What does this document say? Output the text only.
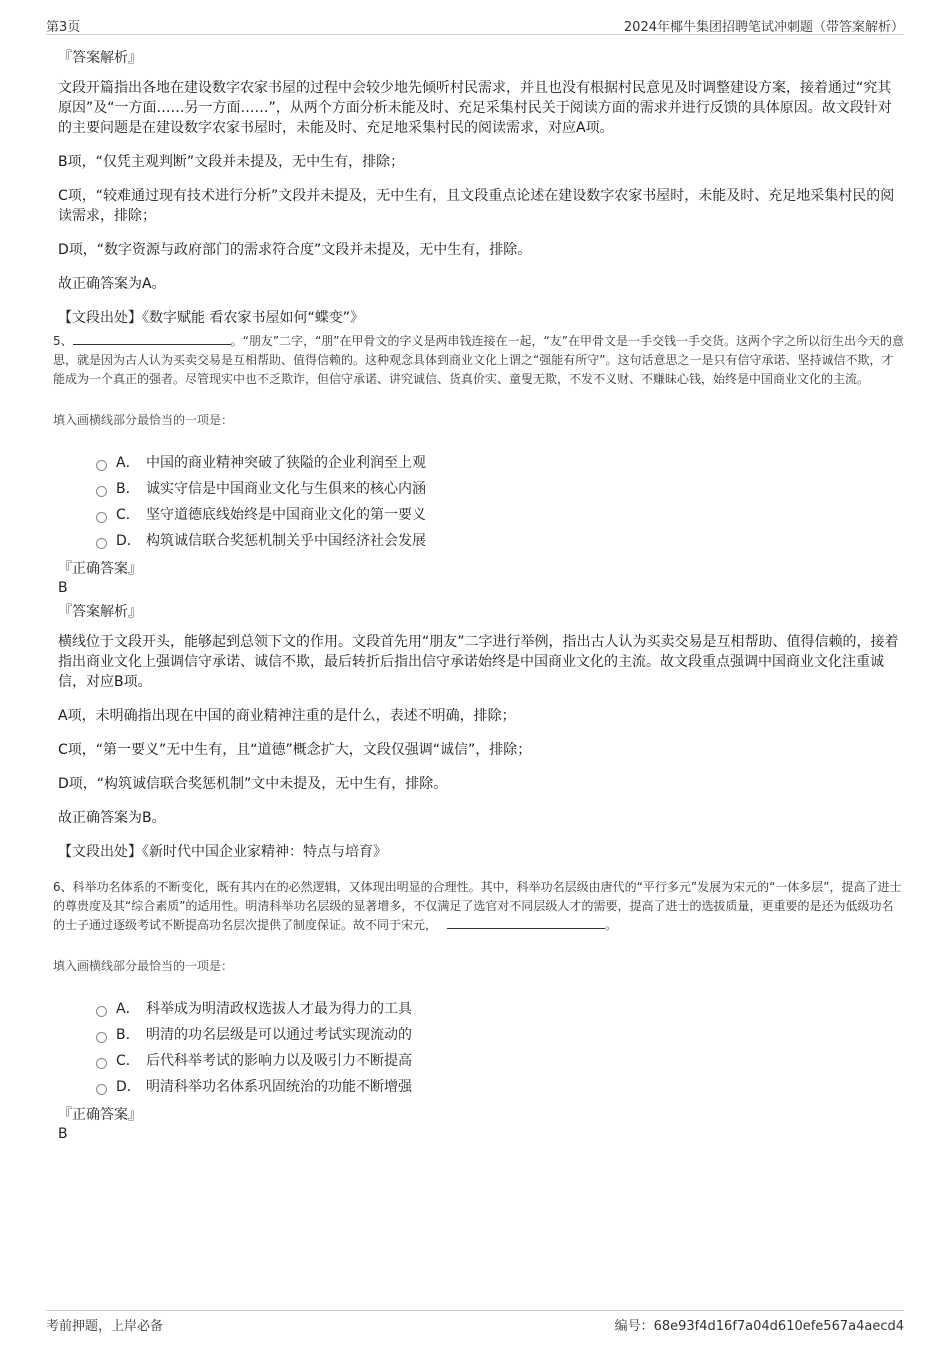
第3页	2024年椰牛集团招聘笔试冲刺题（带答案解析）
『答案解析』
文段开篇指出各地在建设数字农家书屋的过程中会较少地先倾听村民需求，并且也没有根据村民意见及时调整建设方案，接着通过“究其原因”及“一方面……另一方面……”，从两个方面分析未能及时、充足采集村民关于阅读方面的需求并进行反馈的具体原因。故文段针对的主要问题是在建设数字农家书屋时，未能及时、充足地采集村民的阅读需求，对应A项。
B项，“仅凭主观判断”文段并未提及，无中生有，排除；
C项，“较难通过现有技术进行分析”文段并未提及，无中生有，且文段重点论述在建设数字农家书屋时，未能及时、充足地采集村民的阅读需求，排除；
D项，“数字资源与政府部门的需求符合度”文段并未提及，无中生有，排除。
故正确答案为A。
【文段出处】《数字赋能 看农家书屋如何“蝶变”》
5、	。“朋友”二字，“朋”在甲骨文的字义是两串钱连接在一起，“友”在甲骨文是一手交钱一手交货。这两个字之所以衍生出今天的意思，就是因为古人认为买卖交易是互相帮助、值得信赖的。这种观念具体到商业文化上谓之“强能有所守”。这句话意思之一是只有信守承诺、坚持诚信不欺，才能成为一个真正的强者。尽管现实中也不乏欺诈，但信守承诺、讲究诚信、货真价实、童叟无欺，不发不义财、不赚昧心钱，始终是中国商业文化的主流。
填入画横线部分最恰当的一项是：
A． 中国的商业精神突破了狭隘的企业利润至上观
B． 诚实守信是中国商业文化与生俱来的核心内涵
C． 坚守道德底线始终是中国商业文化的第一要义
D． 构筑诚信联合奖惩机制关乎中国经济社会发展
『正确答案』
B
『答案解析』
横线位于文段开头，能够起到总领下文的作用。文段首先用“朋友”二字进行举例，指出古人认为买卖交易是互相帮助、值得信赖的，接着指出商业文化上强调信守承诺、诚信不欺，最后转折后指出信守承诺始终是中国商业文化的主流。故文段重点强调中国商业文化注重诚信，对应B项。
A项，未明确指出现在中国的商业精神注重的是什么，表述不明确，排除；
C项，“第一要义”无中生有，且“道德”概念扩大，文段仅强调“诚信”，排除；
D项，“构筑诚信联合奖惩机制”文中未提及，无中生有，排除。
故正确答案为B。
【文段出处】《新时代中国企业家精神：特点与培育》
6、科举功名体系的不断变化，既有其内在的必然逻辑，又体现出明显的合理性。其中，科举功名层级由唐代的“平行多元”发展为宋元的“一体多层”，提高了进士的尊贵度及其“综合素质”的适用性。明清科举功名层级的显著增多，不仅满足了选官对不同层级人才的需要，提高了进士的选拔质量，更重要的是还为低级功名的士子通过逐级考试不断提高功名层次提供了制度保证。故不同于宋元，	。
填入画横线部分最恰当的一项是：
A． 科举成为明清政权选拔人才最为得力的工具
B． 明清的功名层级是可以通过考试实现流动的
C． 后代科举考试的影响力以及吸引力不断提高
D． 明清科举功名体系巩固统治的功能不断增强
『正确答案』
B
考前押题，上岸必备	编号：68e93f4d16f7a04d610efe567a4aecd4
